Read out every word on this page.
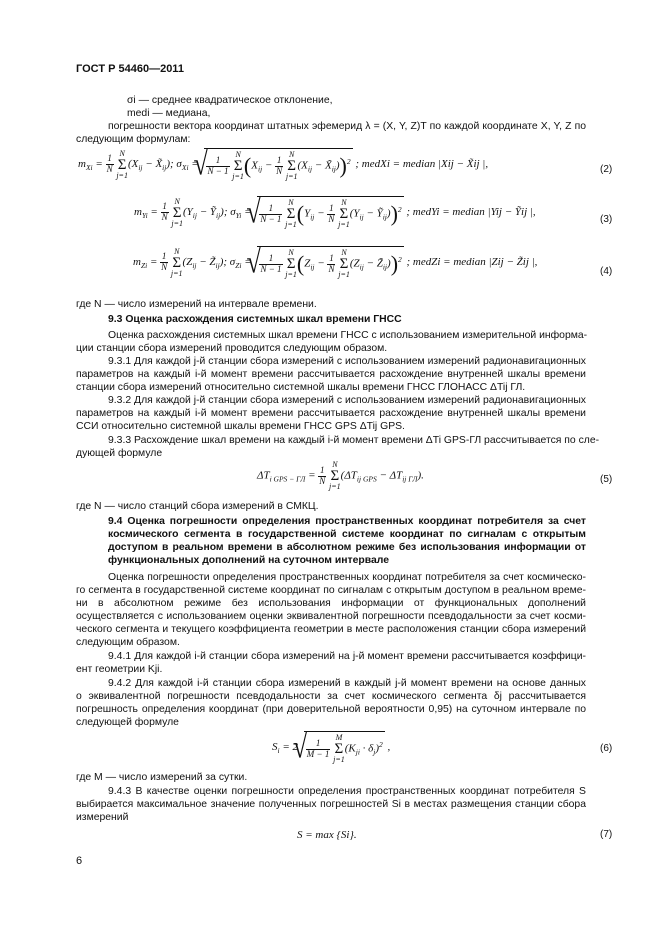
ГОСТ Р 54460—2011
σi — среднее квадратическое отклонение,
medi — медиана,
погрешности вектора координат штатных эфемерид λ = (X, Y, Z)T по каждой координате X, Y, Z по
следующим формулам:
$m_{Xi} = \frac{1}{N}$
N
Σ
$j=1(X_{ij}$ − $X̃_{ij}$); $\sigma_{Xi}$ = √ $\frac{1}{N - 1}$
N
Σ
$j=1(X_{ij} - \frac{1}{N}$
N
Σ
$j=1(X_{ij}$ − $X̃_{ij}))^2$ ; medXi = median |Xij − X̃ij |,	(2)
$m_{Yi} = \frac{1}{N}$
N
Σ
$j=1(Y_{ij}$ − Ỹ$_{ij}$); $\sigma_{Yi}$ = √ $\frac{1}{N - 1}$
N
Σ
$j=1(Y_{ij} - \frac{1}{N}$
N
Σ
$j=1(Y_{ij}$ − Ỹ$_{ij}$))$^2$ ; medYi = median |Yij − Ỹij |,
(3)
$m_{Zi} = \frac{1}{N}$
N
Σ
$j=1(Z_{ij}$ − $Z̃_{ij}$); $\sigma_{Zi}$ = √ $\frac{1}{N - 1}$
N
Σ
$j=1(Z_{ij} - \frac{1}{N}$
N
Σ
$j=1(Z_{ij}$ − $Z̃_{ij}))^2$ ; medZi = median |Zij − Z̃ij |,
(4)
где N — число измерений на интервале времени.
9.3 Оценка расхождения системных шкал времени ГНСС
Оценка расхождения системных шкал времени ГНСС с использованием измерительной информа-
ции станции сбора измерений проводится следующим образом.
9.3.1 Для каждой j-й станции сбора измерений с использованием измерений радионавигационных
параметров на каждый i-й момент времени рассчитывается расхождение внутренней шкалы времени
станции сбора измерений относительно системной шкалы времени ГНСС ГЛОНАСС ΔTij ГЛ.
9.3.2 Для каждой j-й станции сбора измерений с использованием измерений радионавигационных
параметров на каждый i-й момент времени рассчитывается расхождение внутренней шкалы времени
ССИ относительно системной шкалы времени ГНСС GPS ΔTij GPS.
9.3.3 Расхождение шкал времени на каждый i-й момент времени ΔTi GPS-ГЛ рассчитывается по сле-
дующей формуле
$\Delta T_{i GPS - ГЛ} = \frac{1}{N}$
N
Σ
$j=1(\Delta T_{ij GPS} - \Delta T_{ij ГЛ})$.	(5)
где N — число станций сбора измерений в СМКЦ.
9.4 Оценка погрешности определения пространственных координат потребителя за счет
космического сегмента в государственной системе координат по сигналам с открытым
доступом в реальном времени в абсолютном режиме без использования информации от
функциональных дополнений на суточном интервале
Оценка погрешности определения пространственных координат потребителя за счет космическо-
го сегмента в государственной системе координат по сигналам с открытым доступом в реальном време-
ни в абсолютном режиме без использования информации от функциональных дополнений
осуществляется с использованием оценки эквивалентной погрешности псевдодальности за счет косми-
ческого сегмента и текущего коэффициента геометрии в месте расположения станции сбора измерений
следующим образом.
9.4.1 Для каждой i-й станции сбора измерений на j-й момент времени рассчитывается коэффици-
ент геометрии Kji.
9.4.2 Для каждой i-й станции сбора измерений в каждый j-й момент времени на основе данных
о эквивалентной погрешности псевдодальности за счет космического сегмента δj рассчитывается
погрешность определения координат (при доверительной вероятности 0,95) на суточном интервале по
следующей формуле
$S_i = 2$ √ $\frac{1}{M - 1}$
M
Σ
$j=1(K_{ji} \cdot \delta_j)^2$ ,	(6)
где M — число измерений за сутки.
9.4.3 В качестве оценки погрешности определения пространственных координат потребителя S
выбирается максимальное значение полученных погрешностей Si в местах размещения станции сбора
измерений
S = max {Si}.	(7)
6
